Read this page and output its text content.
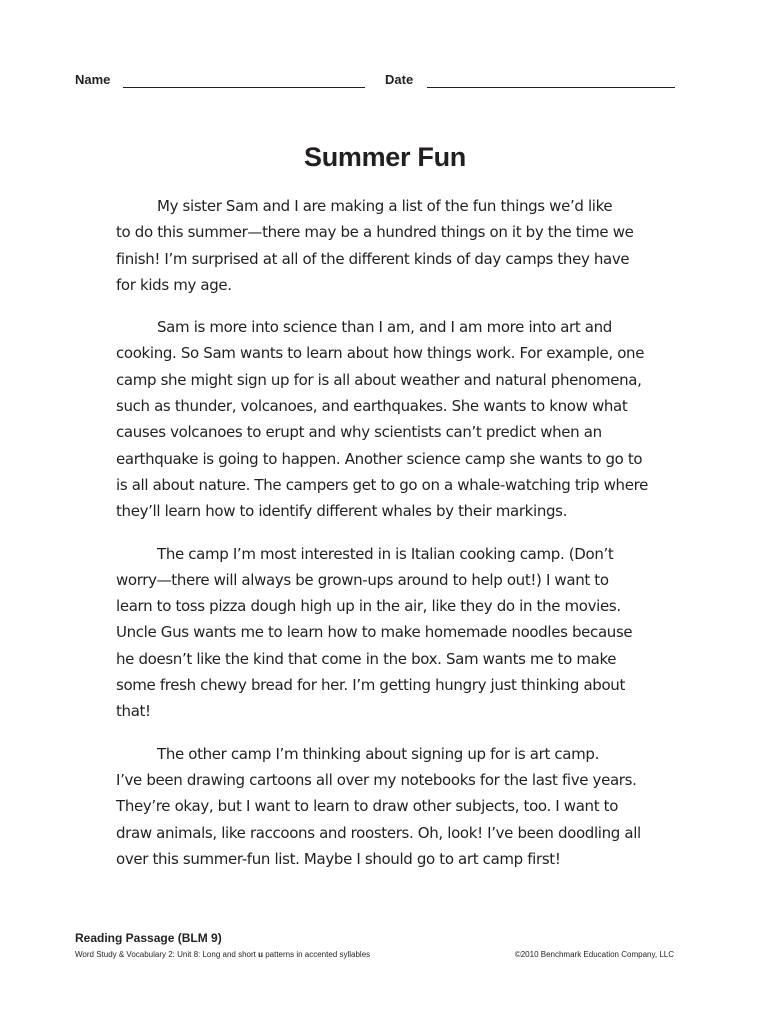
Name	Date
Summer Fun

My sister Sam and I are making a list of the fun things we’d like
to do this summer—there may be a hundred things on it by the time we
finish! I’m surprised at all of the different kinds of day camps they have
for kids my age.

Sam is more into science than I am, and I am more into art and
cooking. So Sam wants to learn about how things work. For example, one
camp she might sign up for is all about weather and natural phenomena,
such as thunder, volcanoes, and earthquakes. She wants to know what
causes volcanoes to erupt and why scientists can’t predict when an
earthquake is going to happen. Another science camp she wants to go to
is all about nature. The campers get to go on a whale-watching trip where
they’ll learn how to identify different whales by their markings.

The camp I’m most interested in is Italian cooking camp. (Don’t
worry—there will always be grown-ups around to help out!) I want to
learn to toss pizza dough high up in the air, like they do in the movies.
Uncle Gus wants me to learn how to make homemade noodles because
he doesn’t like the kind that come in the box. Sam wants me to make
some fresh chewy bread for her. I’m getting hungry just thinking about
that!

The other camp I’m thinking about signing up for is art camp.
I’ve been drawing cartoons all over my notebooks for the last five years.
They’re okay, but I want to learn to draw other subjects, too. I want to
draw animals, like raccoons and roosters. Oh, look! I’ve been doodling all
over this summer-fun list. Maybe I should go to art camp first!

Reading Passage (BLM 9)
Word Study & Vocabulary 2: Unit 8: Long and short u patterns in accented syllables	©2010 Benchmark Education Company, LLC
